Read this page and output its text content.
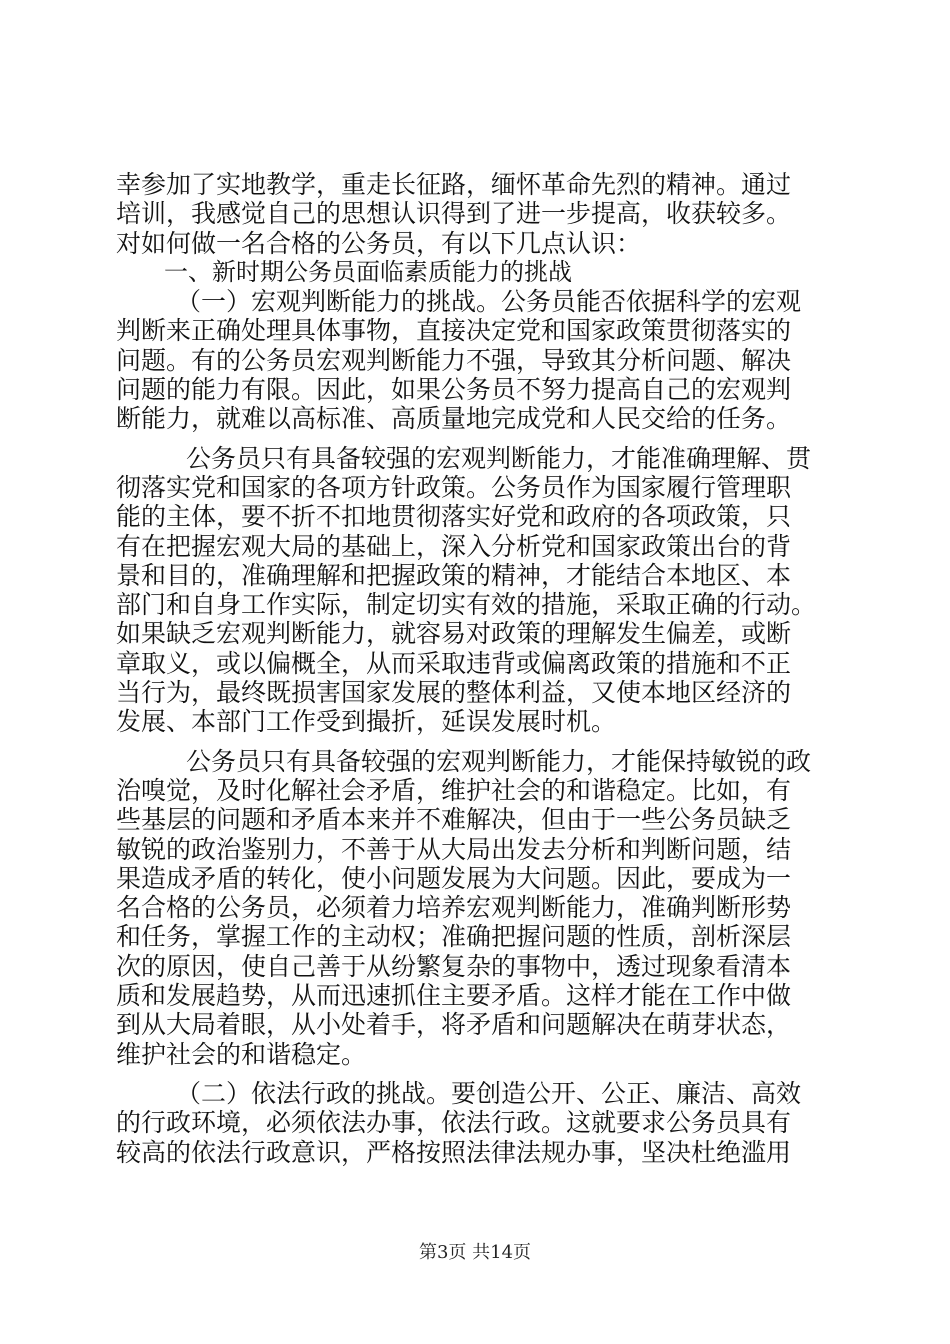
幸参加了实地教学，重走长征路，缅怀革命先烈的精神。通过
培训，我感觉自己的思想认识得到了进一步提高，收获较多。
对如何做一名合格的公务员，有以下几点认识：
一、新时期公务员面临素质能力的挑战
（一）宏观判断能力的挑战。公务员能否依据科学的宏观
判断来正确处理具体事物，直接决定党和国家政策贯彻落实的
问题。有的公务员宏观判断能力不强，导致其分析问题、解决
问题的能力有限。因此，如果公务员不努力提高自己的宏观判
断能力，就难以高标准、高质量地完成党和人民交给的任务。
公务员只有具备较强的宏观判断能力，才能准确理解、贯
彻落实党和国家的各项方针政策。公务员作为国家履行管理职
能的主体，要不折不扣地贯彻落实好党和政府的各项政策，只
有在把握宏观大局的基础上，深入分析党和国家政策出台的背
景和目的，准确理解和把握政策的精神，才能结合本地区、本
部门和自身工作实际，制定切实有效的措施，采取正确的行动。
如果缺乏宏观判断能力，就容易对政策的理解发生偏差，或断
章取义，或以偏概全，从而采取违背或偏离政策的措施和不正
当行为，最终既损害国家发展的整体利益，又使本地区经济的
发展、本部门工作受到撮折，延误发展时机。
公务员只有具备较强的宏观判断能力，才能保持敏锐的政
治嗅觉，及时化解社会矛盾，维护社会的和谐稳定。比如，有
些基层的问题和矛盾本来并不难解决，但由于一些公务员缺乏
敏锐的政治鉴别力，不善于从大局出发去分析和判断问题，结
果造成矛盾的转化，使小问题发展为大问题。因此，要成为一
名合格的公务员，必须着力培养宏观判断能力，准确判断形势
和任务，掌握工作的主动权；准确把握问题的性质，剖析深层
次的原因，使自己善于从纷繁复杂的事物中，透过现象看清本
质和发展趋势，从而迅速抓住主要矛盾。这样才能在工作中做
到从大局着眼，从小处着手，将矛盾和问题解决在萌芽状态，
维护社会的和谐稳定。
（二）依法行政的挑战。要创造公开、公正、廉洁、高效
的行政环境，必须依法办事，依法行政。这就要求公务员具有
较高的依法行政意识，严格按照法律法规办事，坚决杜绝滥用
第3页 共14页
